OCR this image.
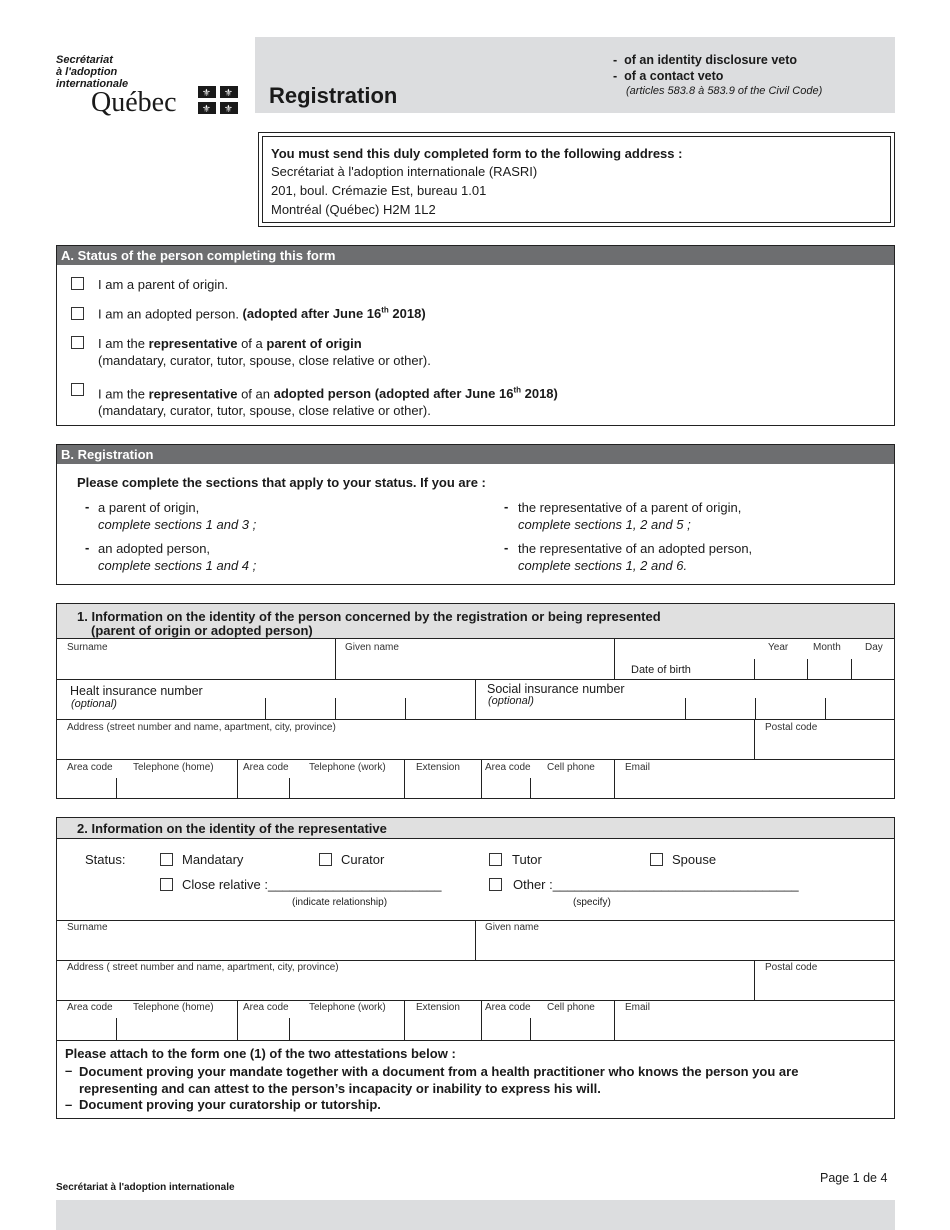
Secrétariat
à l'adoption
internationale
Québec	⚜ ⚜
⚜ ⚜
Registration
-  of an identity disclosure veto
-  of a contact veto
(articles 583.8 à 583.9 of the Civil Code)
You must send this duly completed form to the following address :
Secrétariat à l'adoption internationale (RASRI)
201, boul. Crémazie Est, bureau 1.01
Montréal (Québec) H2M 1L2
A. Status of the person completing this form
I am a parent of origin.
I am an adopted person. (adopted after June 16th 2018)
I am the representative of a parent of origin
(mandatary, curator, tutor, spouse, close relative or other).
I am the representative of an adopted person (adopted after June 16th 2018)
(mandatary, curator, tutor, spouse, close relative or other).
B. Registration
Please complete the sections that apply to your status. If you are :
- a parent of origin,
complete sections 1 and 3 ;
- an adopted person,
complete sections 1 and 4 ;
- the representative of a parent of origin,
complete sections 1, 2 and 5 ;
- the representative of an adopted person,
complete sections 1, 2 and 6.
1. Information on the identity of the person concerned by the registration or being represented
(parent of origin or adopted person)
Surname	Given name	Year Month Day
Date of birth
Healt insurance number
(optional)
Social insurance number
(optional)
Address (street number and name, apartment, city, province)	Postal code
Area code Telephone (home)	Area code Telephone (work)	Extension	Area code Cell phone	Email
2. Information on the identity of the representative
Status:	Mandatary	Curator	Tutor	Spouse
Close relative :________________________
(indicate relationship)
Other :__________________________________
(specify)
Surname	Given name
Address ( street number and name, apartment, city, province)	Postal code
Area code Telephone (home)	Area code Telephone (work)	Extension	Area code Cell phone	Email
Please attach to the form one (1) of the two attestations below :
– Document proving your mandate together with a document from a health practitioner who knows the person you are
representing and can attest to the person’s incapacity or inability to express his will.
– Document proving your curatorship or tutorship.
Page 1 de 4
Secrétariat à l'adoption internationale
